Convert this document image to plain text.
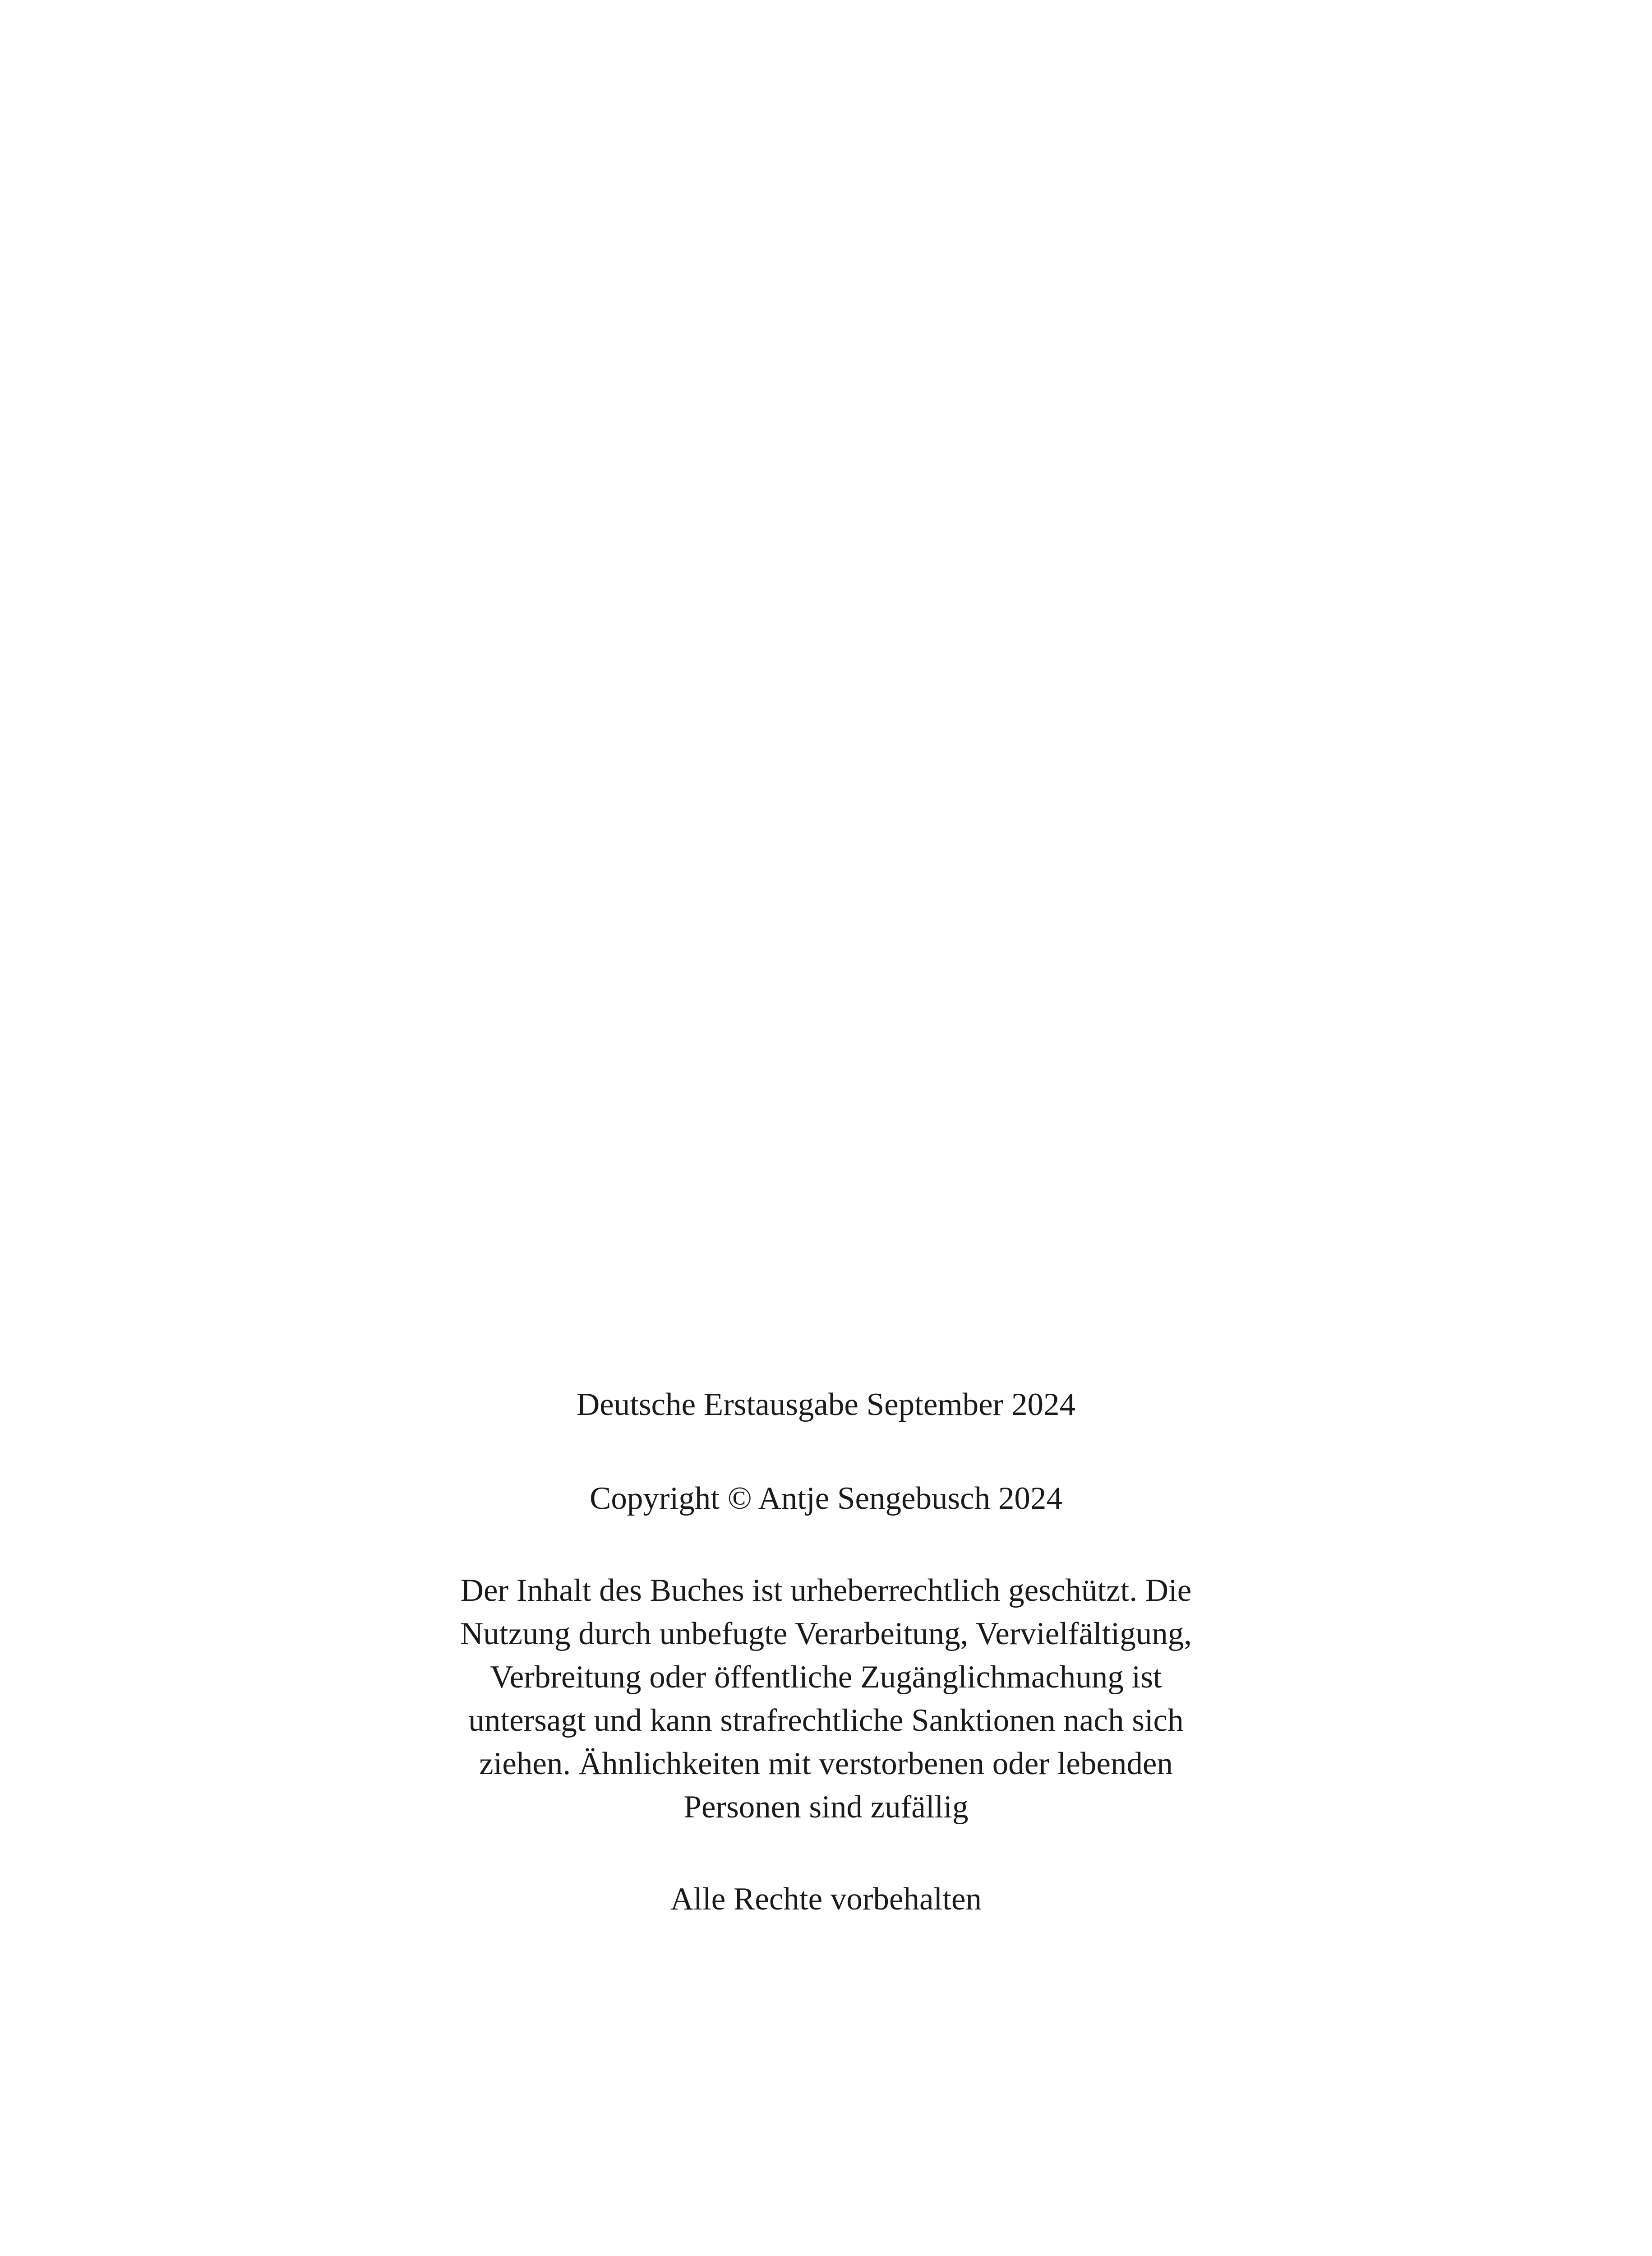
Deutsche Erstausgabe September 2024

Copyright © Antje Sengebusch 2024

Der Inhalt des Buches ist urheberrechtlich geschützt. Die
Nutzung durch unbefugte Verarbeitung, Vervielfältigung,
Verbreitung oder öffentliche Zugänglichmachung ist
untersagt und kann strafrechtliche Sanktionen nach sich
ziehen. Ähnlichkeiten mit verstorbenen oder lebenden
Personen sind zufällig

Alle Rechte vorbehalten
